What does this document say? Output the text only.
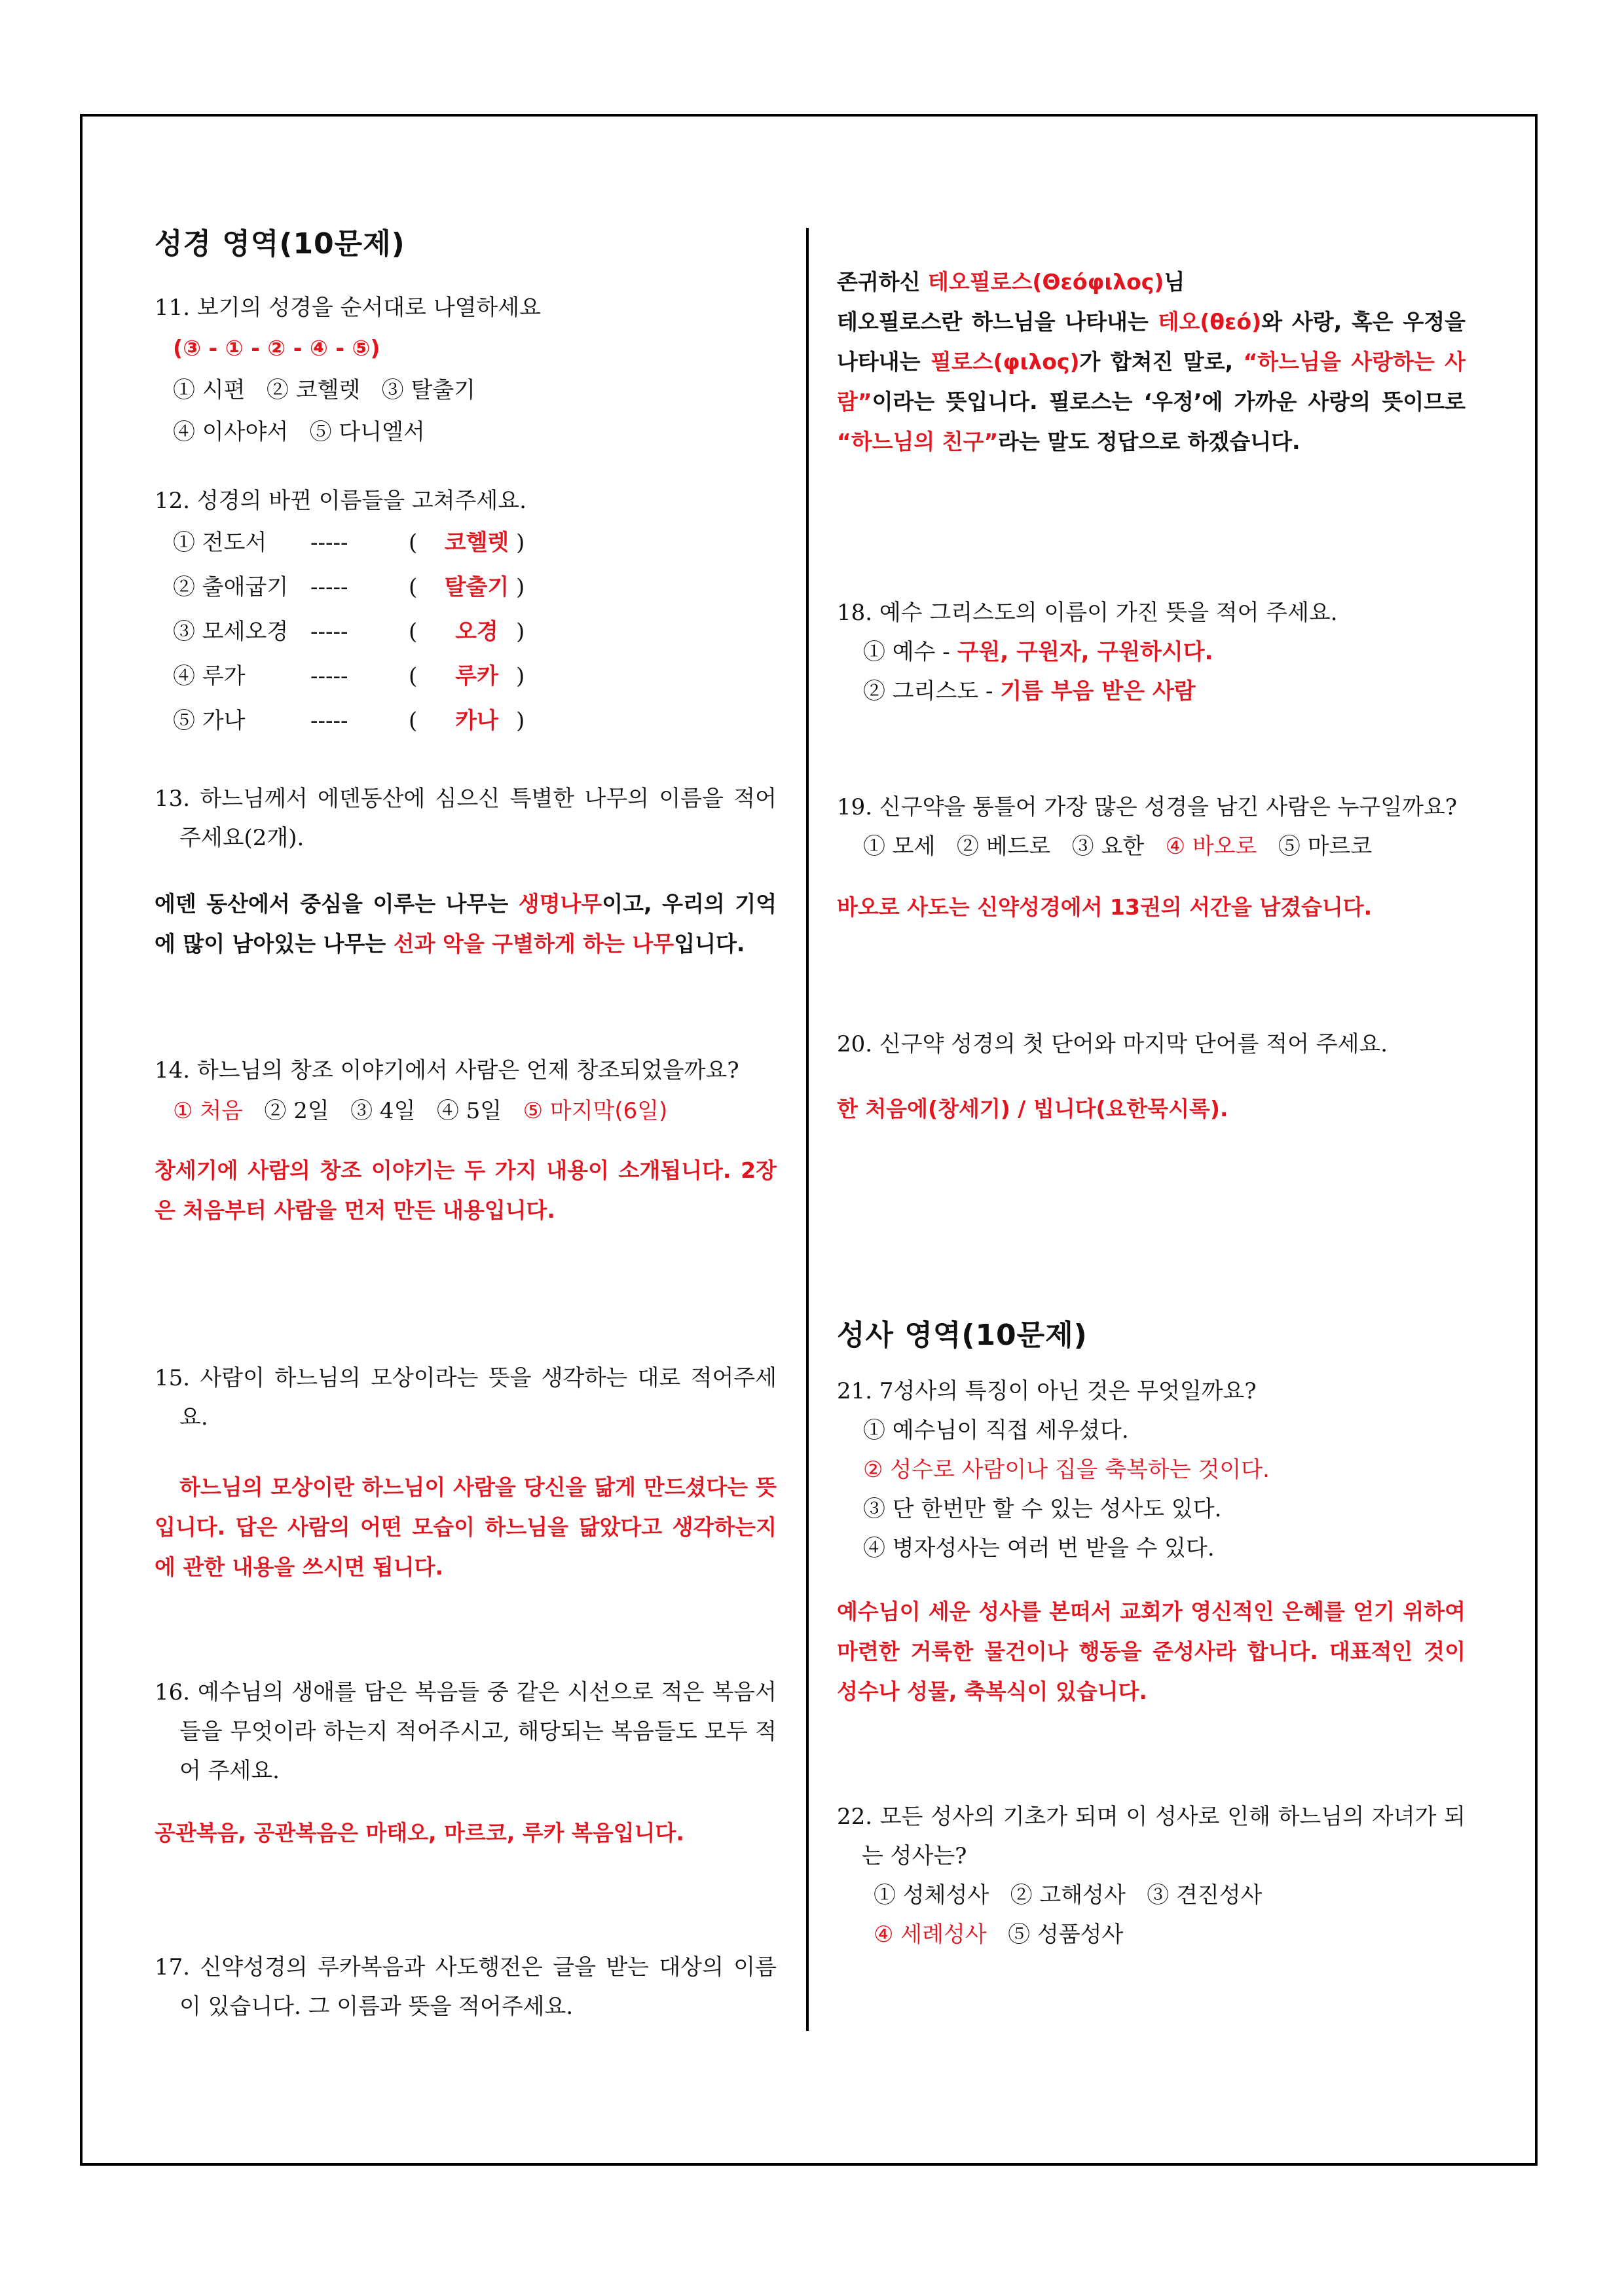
성경 영역(10문제)
11. 보기의 성경을 순서대로 나열하세요
(③ - ① - ② - ④ - ⑤)
① 시편   ② 코헬렛   ③ 탈출기
④ 이사야서   ⑤ 다니엘서
12. 성경의 바뀐 이름들을 고쳐주세요.
① 전도서	-----	(	코헬렛 )
② 출애굽기 -----	(	탈출기 )
③ 모세오경 -----	(	오경 )
④ 루가	-----	(	루카 )
⑤ 가나	-----	(	카나 )
13. 하느님께서 에덴동산에 심으신 특별한 나무의 이름을 적어주세요(2개).
에덴 동산에서 중심을 이루는 나무는 생명나무이고, 우리의 기억에 많이 남아있는 나무는 선과 악을 구별하게 하는 나무입니다.
14. 하느님의 창조 이야기에서 사람은 언제 창조되었을까요?
① 처음 ② 2일   ③ 4일   ④ 5일 ⑤ 마지막(6일)
창세기에 사람의 창조 이야기는 두 가지 내용이 소개됩니다. 2장은 처음부터 사람을 먼저 만든 내용입니다.
15. 사람이 하느님의 모상이라는 뜻을 생각하는 대로 적어주세요.
하느님의 모상이란 하느님이 사람을 당신을 닮게 만드셨다는 뜻입니다. 답은 사람의 어떤 모습이 하느님을 닮았다고 생각하는지에 관한 내용을 쓰시면 됩니다.
16. 예수님의 생애를 담은 복음들 중 같은 시선으로 적은 복음서들을 무엇이라 하는지 적어주시고, 해당되는 복음들도 모두 적어 주세요.
공관복음, 공관복음은 마태오, 마르코, 루카 복음입니다.
17. 신약성경의 루카복음과 사도행전은 글을 받는 대상의 이름이 있습니다. 그 이름과 뜻을 적어주세요.
존귀하신 테오필로스(Θεόφιλος)님
테오필로스란 하느님을 나타내는 테오(θεό)와 사랑, 혹은 우정을 나타내는 필로스(φιλος)가 합쳐진 말로, “하느님을 사랑하는 사람”이라는 뜻입니다. 필로스는 ‘우정’에 가까운 사랑의 뜻이므로 “하느님의 친구”라는 말도 정답으로 하겠습니다.
18. 예수 그리스도의 이름이 가진 뜻을 적어 주세요.
① 예수 - 구원, 구원자, 구원하시다.
② 그리스도 - 기름 부음 받은 사람
19. 신구약을 통틀어 가장 많은 성경을 남긴 사람은 누구일까요?
① 모세   ② 베드로   ③ 요한 ④ 바오로 ⑤ 마르코
바오로 사도는 신약성경에서 13권의 서간을 남겼습니다.
20. 신구약 성경의 첫 단어와 마지막 단어를 적어 주세요.
한 처음에(창세기) / 빕니다(요한묵시록).
성사 영역(10문제)
21. 7성사의 특징이 아닌 것은 무엇일까요?
① 예수님이 직접 세우셨다.
② 성수로 사람이나 집을 축복하는 것이다.
③ 단 한번만 할 수 있는 성사도 있다.
④ 병자성사는 여러 번 받을 수 있다.
예수님이 세운 성사를 본떠서 교회가 영신적인 은혜를 얻기 위하여 마련한 거룩한 물건이나 행동을 준성사라 합니다. 대표적인 것이 성수나 성물, 축복식이 있습니다.
22. 모든 성사의 기초가 되며 이 성사로 인해 하느님의 자녀가 되는 성사는?
① 성체성사   ② 고해성사   ③ 견진성사
④ 세례성사 ⑤ 성품성사
